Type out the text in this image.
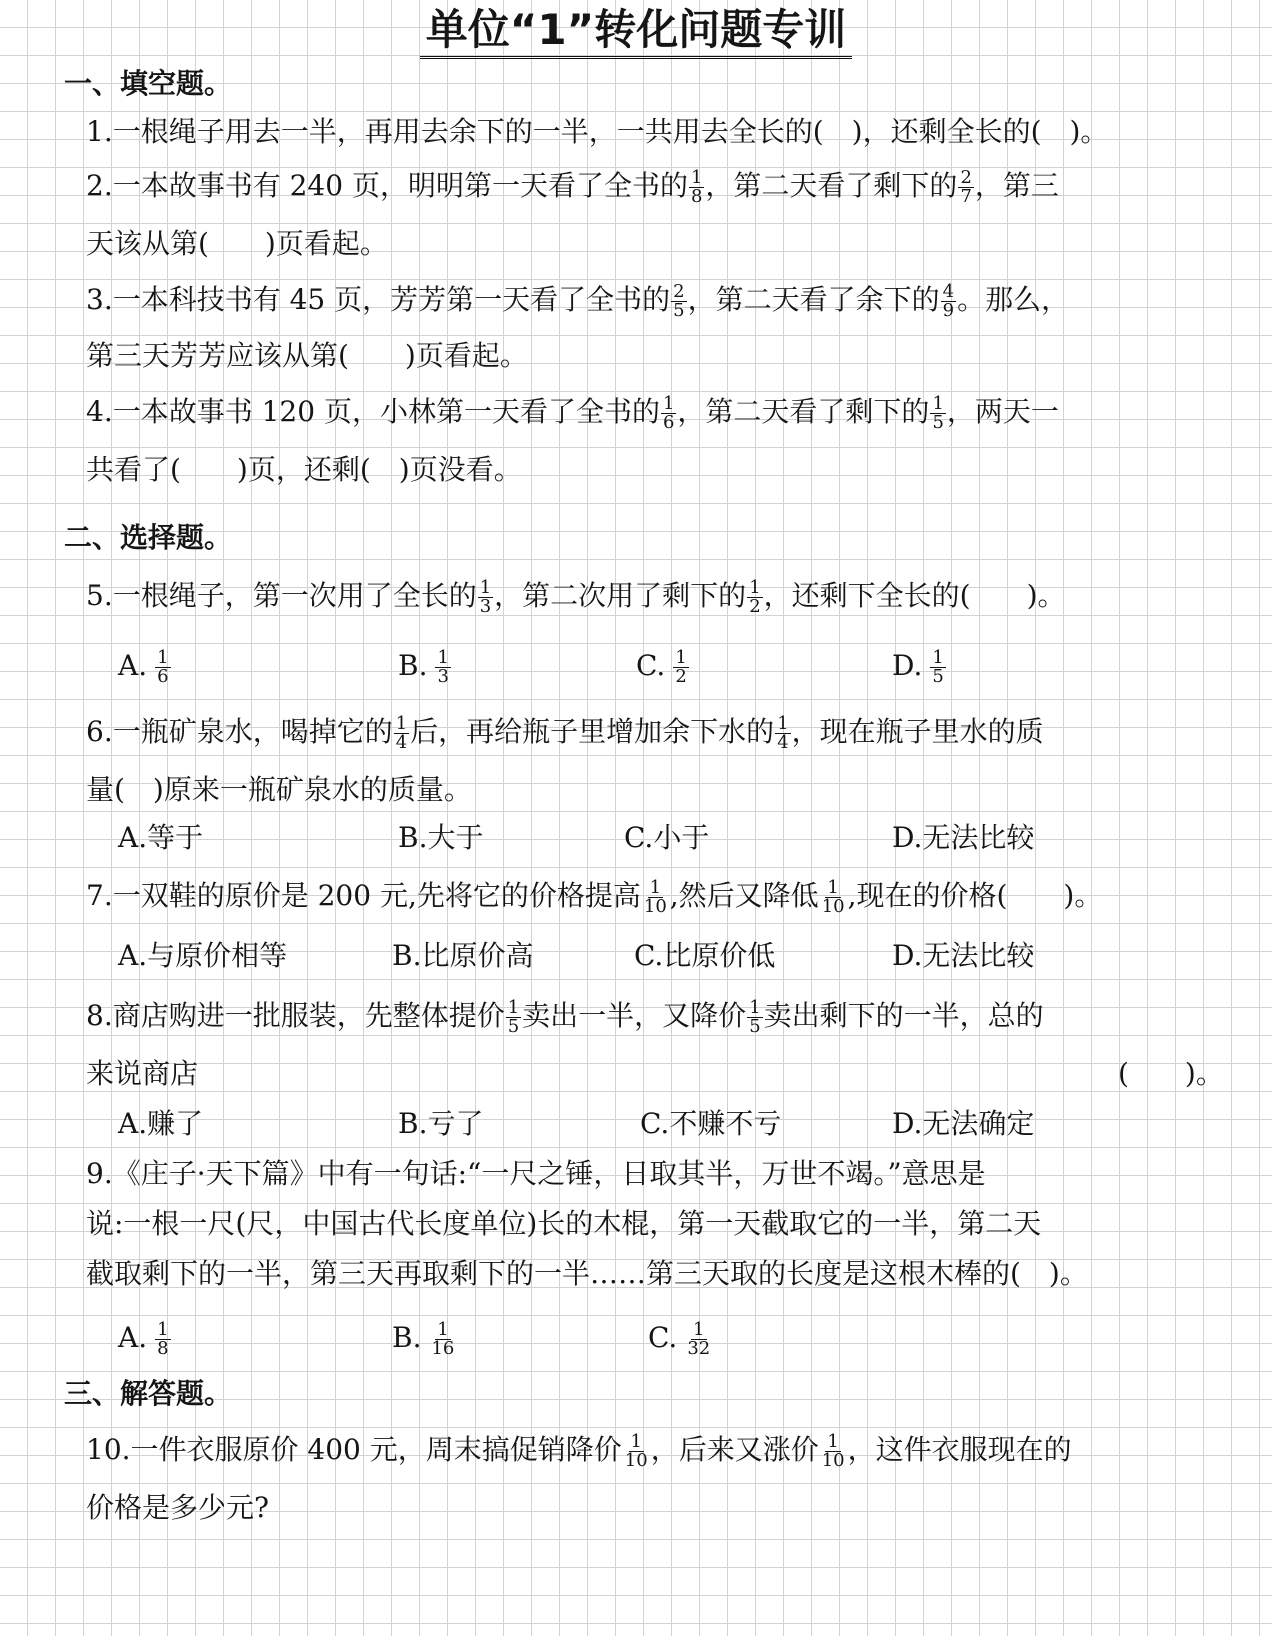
单位“1”转化问题专训
一、填空题。
1.一根绳子用去一半，再用去余下的一半，一共用去全长的(　)，还剩全长的(　)。
2.一本故事书有 240 页，明明第一天看了全书的 $\frac{1}{8}$ ，第二天看了剩下的 $\frac{2}{7}$ ，第三
天该从第(　　)页看起。
3.一本科技书有 45 页，芳芳第一天看了全书的 $\frac{2}{5}$ ，第二天看了余下的 $\frac{4}{9}$ 。那么，
第三天芳芳应该从第(　　)页看起。
4.一本故事书 120 页，小林第一天看了全书的 $\frac{1}{6}$ ，第二天看了剩下的 $\frac{1}{5}$ ，两天一
共看了(　　)页，还剩(　)页没看。
二、选择题。
5.一根绳子，第一次用了全长的 $\frac{1}{3}$ ，第二次用了剩下的 $\frac{1}{2}$ ，还剩下全长的(　　)。
A. $\frac{1}{6}$	B. $\frac{1}{3}$	C. $\frac{1}{2}$	D. $\frac{1}{5}$
6.一瓶矿泉水，喝掉它的 $\frac{1}{4}$ 后，再给瓶子里增加余下水的 $\frac{1}{4}$ ，现在瓶子里水的质
量(　)原来一瓶矿泉水的质量。
A.等于	B.大于	C.小于	D.无法比较
7.一双鞋的原价是 200 元,先将它的价格提高 $\frac{1}{10}$ ,然后又降低 $\frac{1}{10}$ ,现在的价格(　　)。
A.与原价相等	B.比原价高	C.比原价低	D.无法比较
8.商店购进一批服装，先整体提价 $\frac{1}{5}$ 卖出一半，又降价 $\frac{1}{5}$ 卖出剩下的一半，总的
来说商店	(　　)。
A.赚了	B.亏了	C.不赚不亏	D.无法确定
9.《庄子·天下篇》中有一句话:“一尺之锤，日取其半，万世不竭。”意思是
说:一根一尺(尺，中国古代长度单位)长的木棍，第一天截取它的一半，第二天
截取剩下的一半，第三天再取剩下的一半……第三天取的长度是这根木棒的(　)。
A. $\frac{1}{8}$	B. $\frac{1}{16}$	C. $\frac{1}{32}$
三、解答题。
10.一件衣服原价 400 元，周末搞促销降价 $\frac{1}{10}$ ，后来又涨价 $\frac{1}{10}$ ，这件衣服现在的
价格是多少元?
